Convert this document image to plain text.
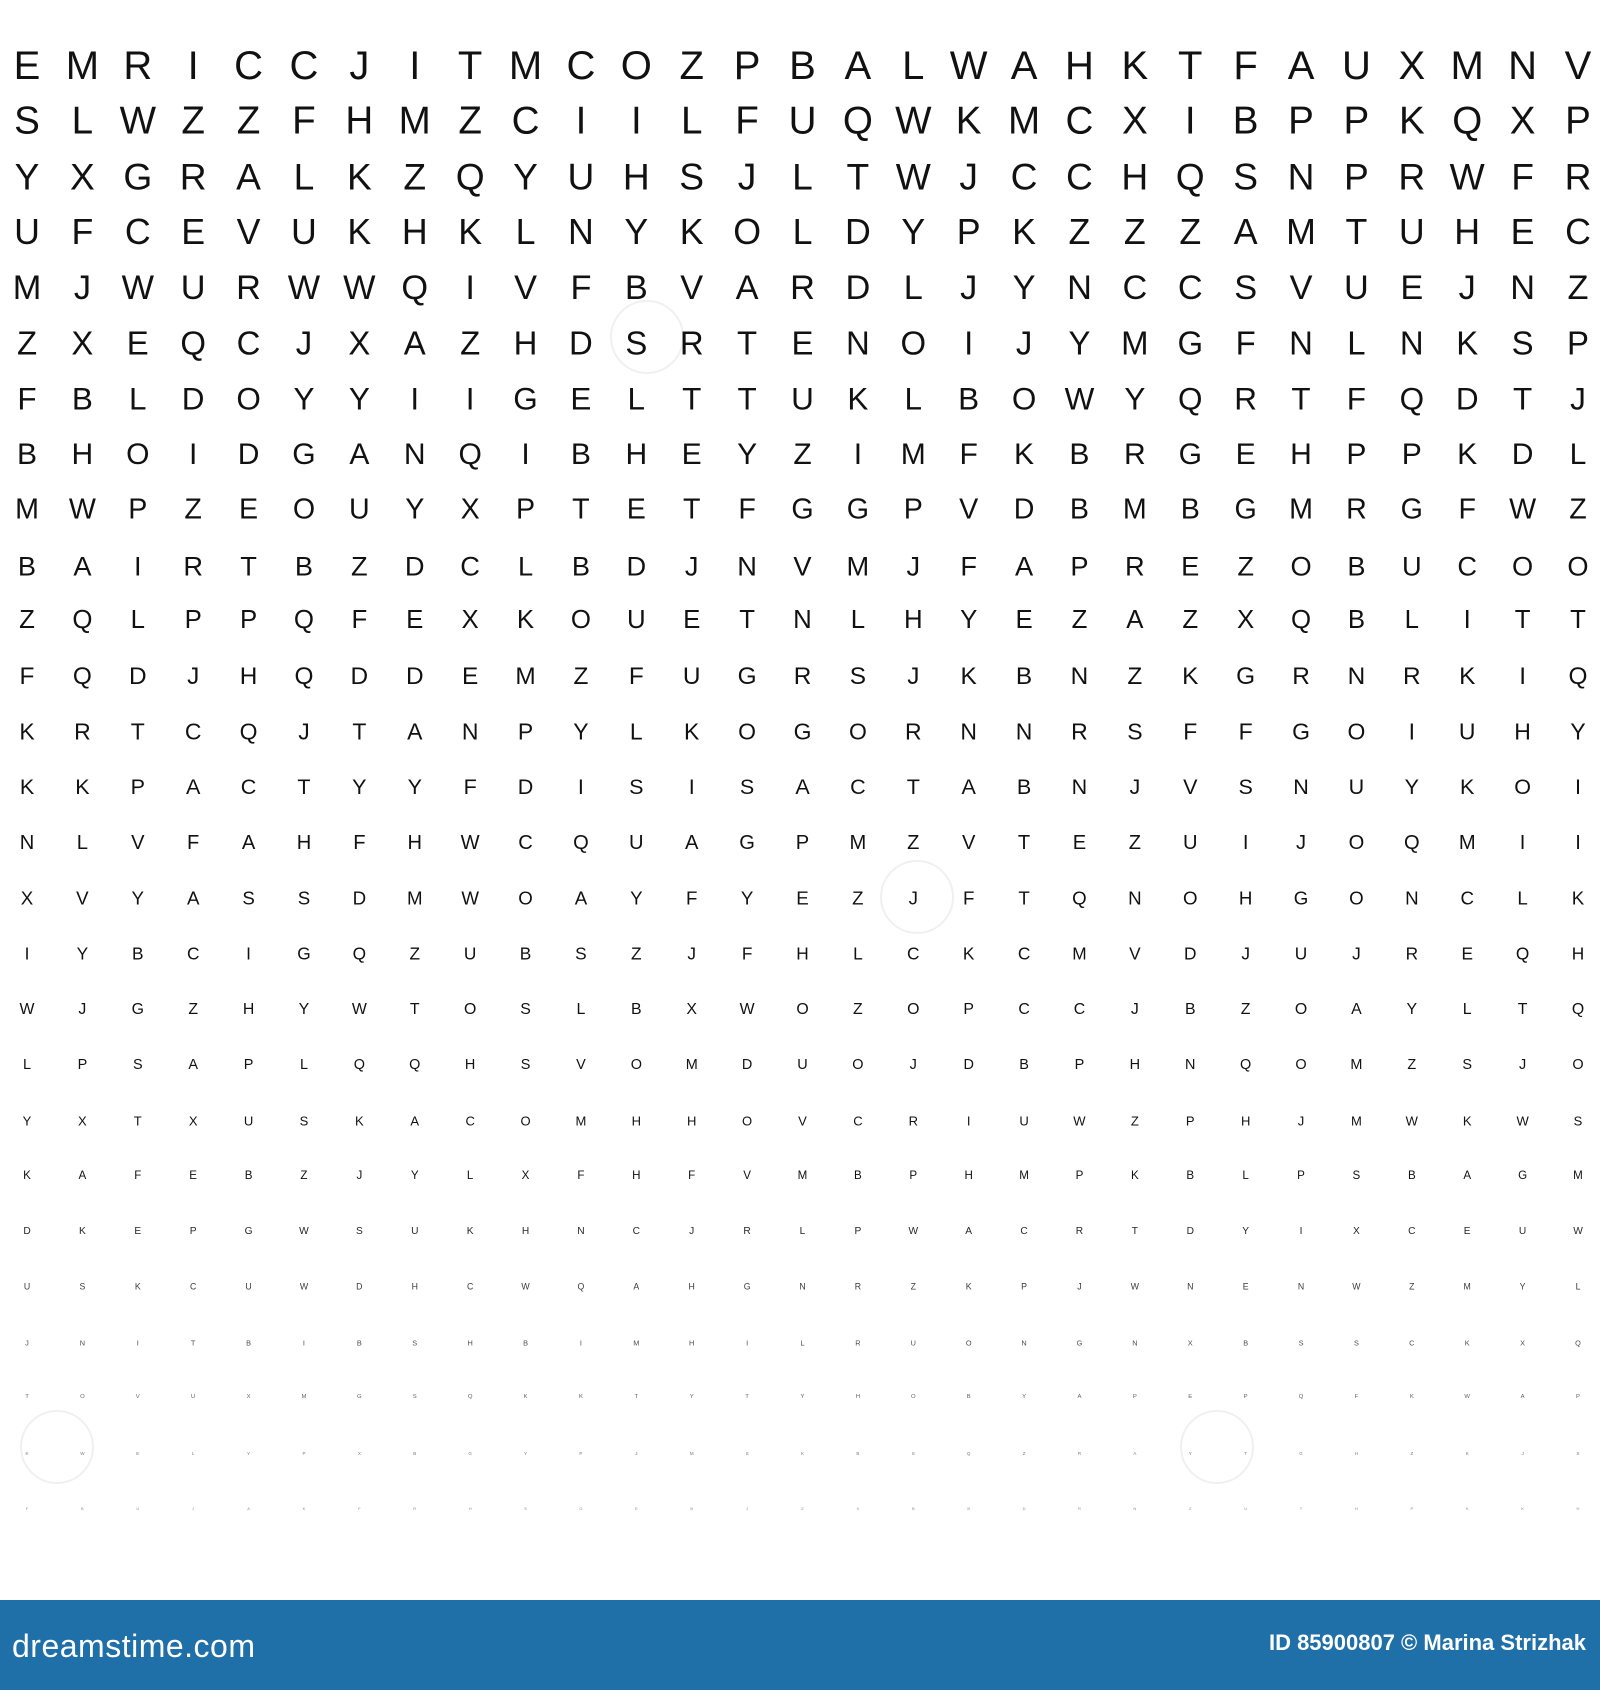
E M R I C C J I T M C O Z P B A L W A H K T F A U X M N V
S L W Z Z F H M Z C I I L F U Q W K M C X I B P P K Q X P
Y X G R A L K Z Q Y U H S J L T W J C C H Q S N P R W F R
U F C E V U K H K L N Y K O L D Y P K Z Z Z A M T U H E C
M J W U R W W Q I V F B V A R D L J Y N C C S V U E J N Z
Z X E Q C J X A Z H D S R T E N O I J Y M G F N L N K S P
F B L D O Y Y I I G E L T T U K L B O W Y Q R T F Q D T J
B H O I D G A N Q I B H E Y Z I M F K B R G E H P P K D L
M W P Z E O U Y X P T E T F G G P V D B M B G M R G F W Z
B A I R T B Z D C L B D J N V M J F A P R E Z O B U C O O
Z Q L P P Q F E X K O U E T N L H Y E Z A Z X Q B L I T T
F Q D J H Q D D E M Z F U G R S J K B N Z K G R N R K I Q
K R T C Q J T A N P Y L K O G O R N N R S F F G O I U H Y
K K P A C T Y Y F D I S I S A C T A B N J V S N U Y K O I
N L V F A H F H W C Q U A G P M Z V T E Z U I J O Q M I I
X V Y A S S D M W O A Y F Y E Z J F T Q N O H G O N C L K
I	Y	B	C	I	G Q	Z	U	B	S	Z	J	F	H	L	C	K	C M V	D	J	U	J	R	E Q H
W	J	G	Z	H	Y	W	T	O	S	L	B	X	W	O	Z	O	P	C	C	J	B	Z	O	A	Y	L	T	Q
L	P	S	A	P	L	Q	Q	H	S	V	O	M	D	U	O	J	D	B	P	H	N	Q	O	M	Z	S	J	O
Y	X	T	X	U	S	K	A	C	O	M	H	H	O	V	C	R	I	U	W	Z	P	H	J	M	W	K	W	S
K	A	F	E	B	Z	J	Y	L	X	F	H	F	V	M	B	P	H	M	P	K	B	L	P	S	B	A	G	M
D	K	E	P	G	W	S	U	K	H	N	C	J	R	L	P	W	A	C	R	T	D	Y	I	X	C	E	U	W
U	S	K	C	U	W	D	H	C	W	Q	A	H	G	N	R	Z	K	P	J	W	N	E	N	W	Z	M	Y	L
J	N	I	T	B	I	B	S	H	B	I	M	H	I	L	R	U	O	N	G	N	X	B	S	S	C	K	X	Q
T	O	V	U	X	M	G	S	Q	K	K	T	Y	T	Y	H	O	B	Y	A	P	E	P	Q	F	K	W	A	P
K	W	E	L	Y	P	X	B	G	Y	P	J	M	S	K	B	S	Q	Z	R	A	Y	T	G	H	Z	K	J	S
F	B	U	J	A	K	F	R	H	S	G	E	B	J	Z	X	B	B	D	R	N	Z	U	T	H	P	K	K	H
dreamstime.com	ID 85900807 © Marina Strizhak
